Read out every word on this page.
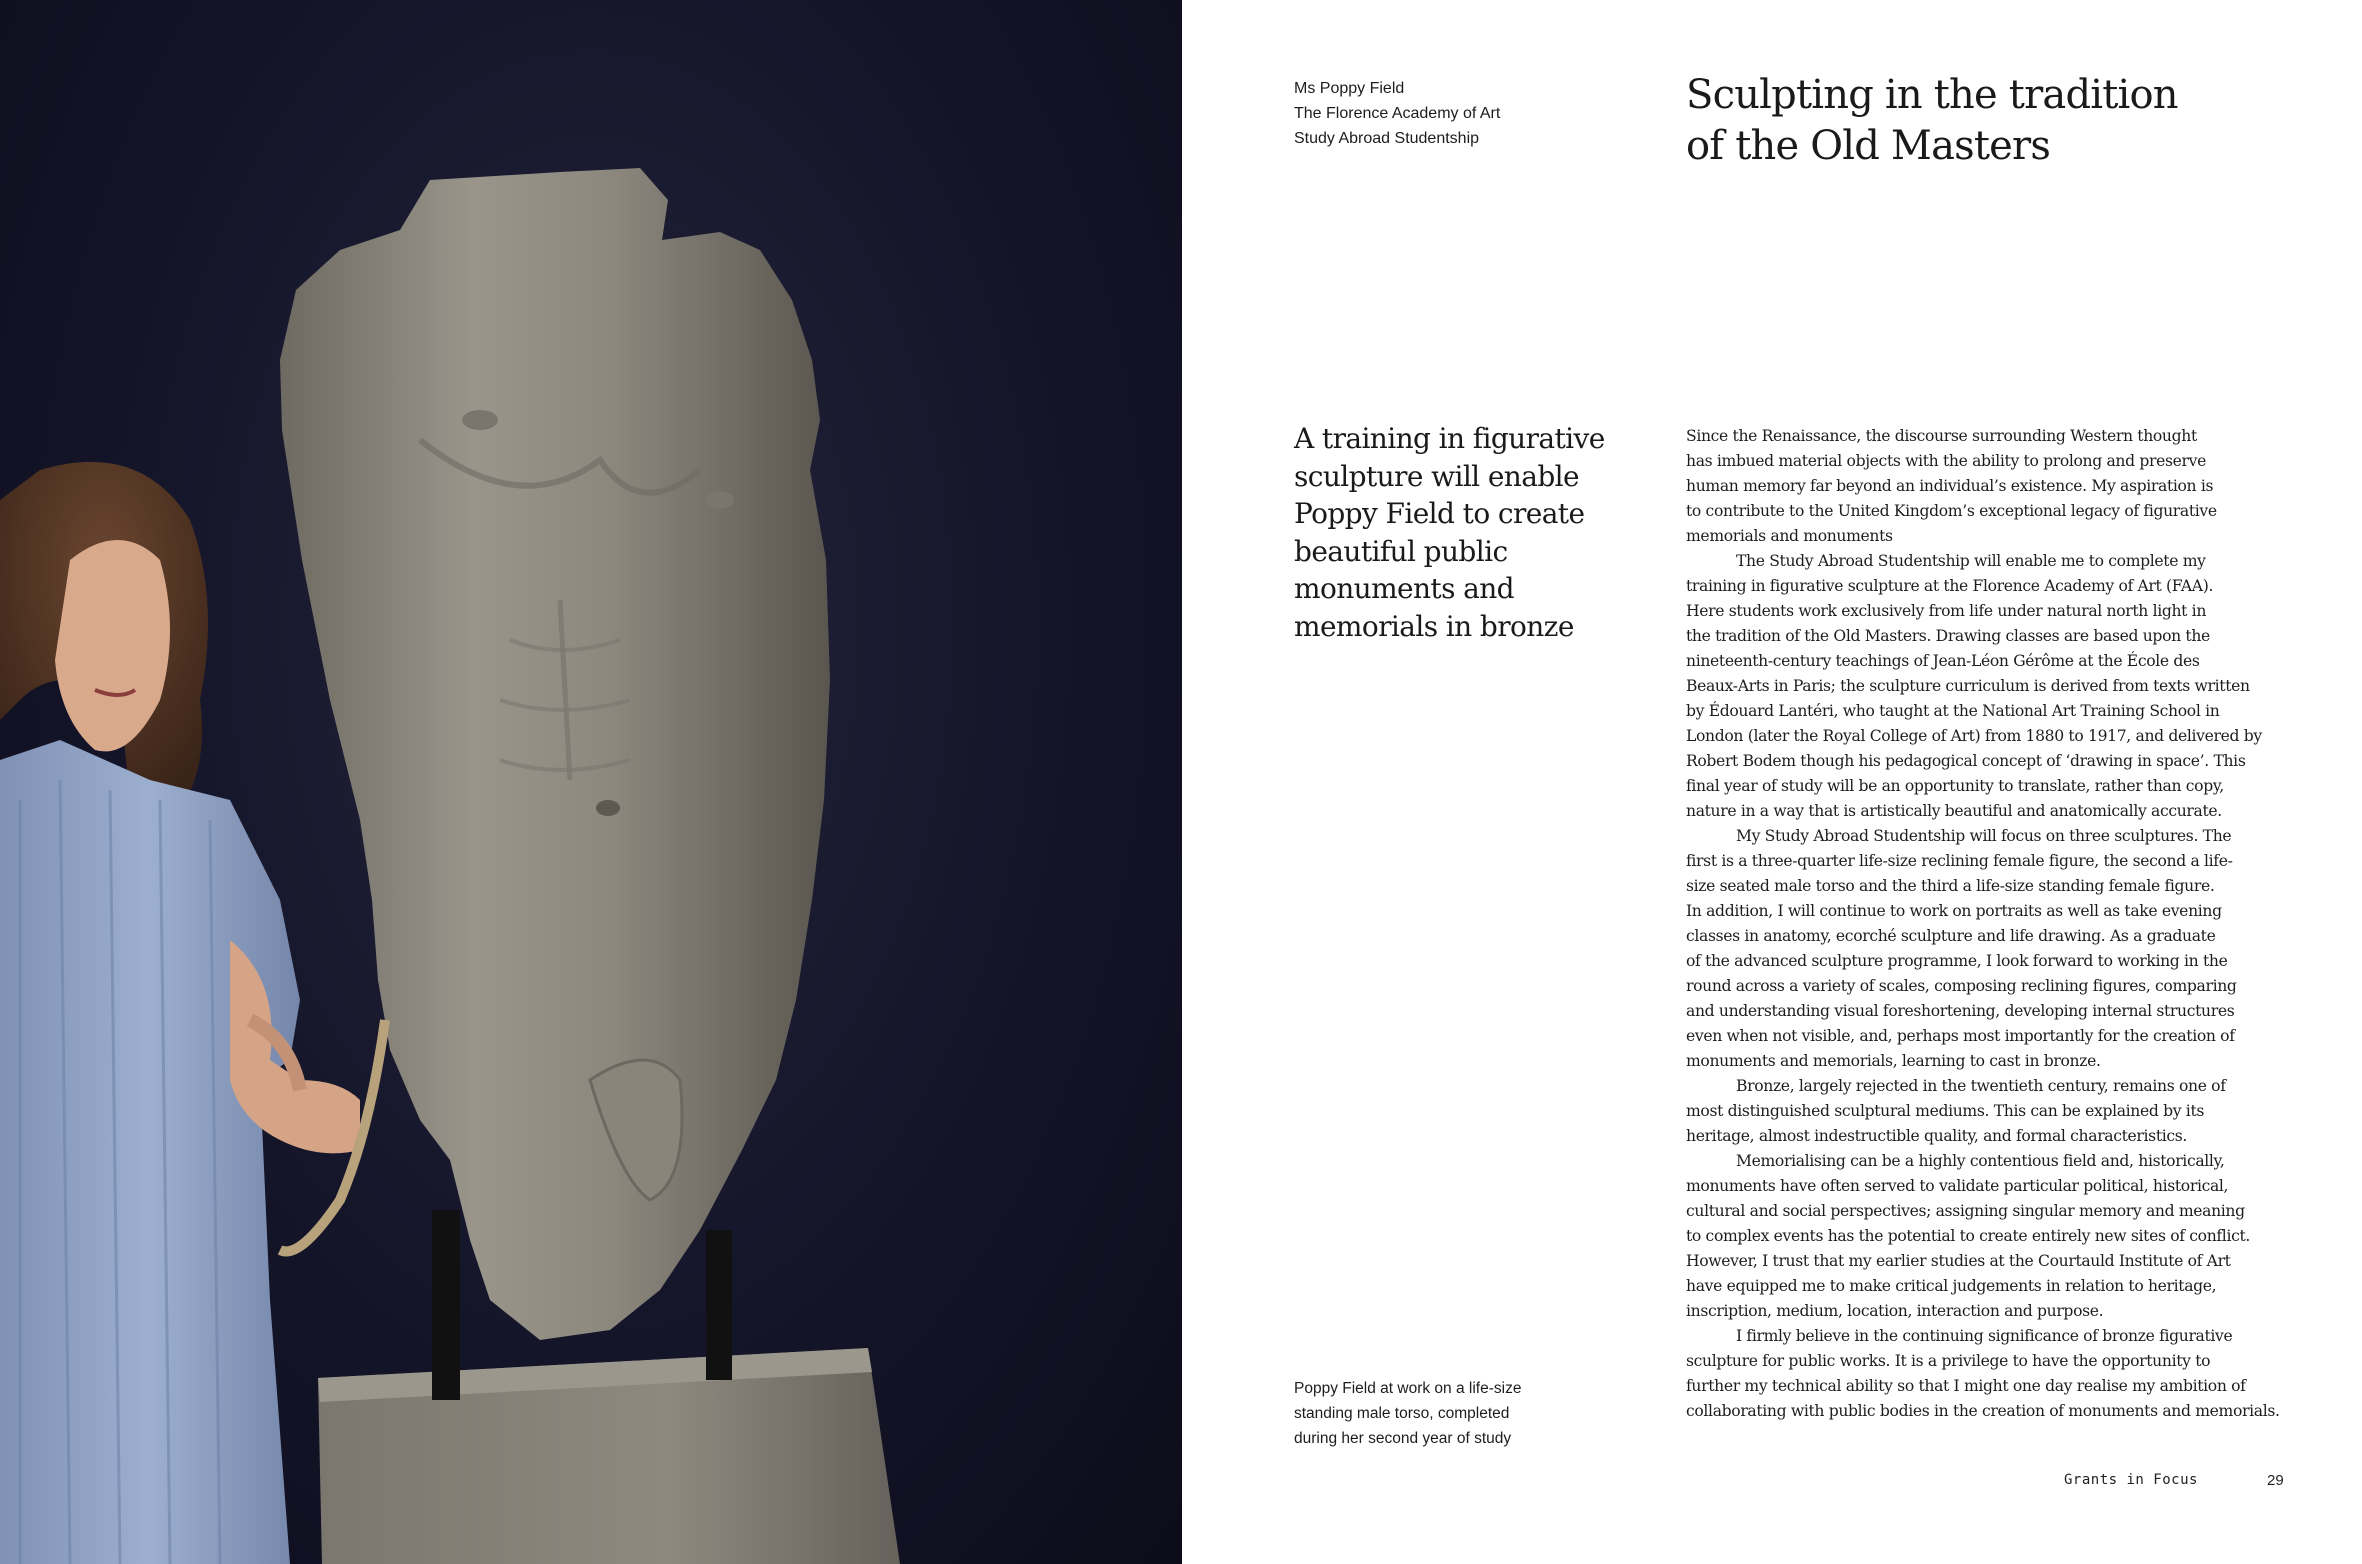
Ms Poppy Field
The Florence Academy of Art
Study Abroad Studentship
Sculpting in the tradition
of the Old Masters
A training in figurative
sculpture will enable
Poppy Field to create
beautiful public
monuments and
memorials in bronze

Since the Renaissance, the discourse surrounding Western thought
has imbued material objects with the ability to prolong and preserve
human memory far beyond an individual’s existence. My aspiration is
to contribute to the United Kingdom’s exceptional legacy of figurative
memorials and monuments

The Study Abroad Studentship will enable me to complete my
training in figurative sculpture at the Florence Academy of Art (FAA).
Here students work exclusively from life under natural north light in
the tradition of the Old Masters. Drawing classes are based upon the
nineteenth-century teachings of Jean-Léon Gérôme at the École des
Beaux-Arts in Paris; the sculpture curriculum is derived from texts written
by Édouard Lantéri, who taught at the National Art Training School in
London (later the Royal College of Art) from 1880 to 1917, and delivered by
Robert Bodem though his pedagogical concept of ‘drawing in space’. This
final year of study will be an opportunity to translate, rather than copy,
nature in a way that is artistically beautiful and anatomically accurate.

My Study Abroad Studentship will focus on three sculptures. The
first is a three-quarter life-size reclining female figure, the second a life-
size seated male torso and the third a life-size standing female figure.
In addition, I will continue to work on portraits as well as take evening
classes in anatomy, ecorché sculpture and life drawing. As a graduate
of the advanced sculpture programme, I look forward to working in the
round across a variety of scales, composing reclining figures, comparing
and understanding visual foreshortening, developing internal structures
even when not visible, and, perhaps most importantly for the creation of
monuments and memorials, learning to cast in bronze.

Bronze, largely rejected in the twentieth century, remains one of
most distinguished sculptural mediums. This can be explained by its
heritage, almost indestructible quality, and formal characteristics.

Memorialising can be a highly contentious field and, historically,
monuments have often served to validate particular political, historical,
cultural and social perspectives; assigning singular memory and meaning
to complex events has the potential to create entirely new sites of conflict.
However, I trust that my earlier studies at the Courtauld Institute of Art
have equipped me to make critical judgements in relation to heritage,
inscription, medium, location, interaction and purpose.

I firmly believe in the continuing significance of bronze figurative
sculpture for public works. It is a privilege to have the opportunity to
further my technical ability so that I might one day realise my ambition of
collaborating with public bodies in the creation of monuments and memorials.

Poppy Field at work on a life-size
standing male torso, completed
during her second year of study
Grants in Focus	29
